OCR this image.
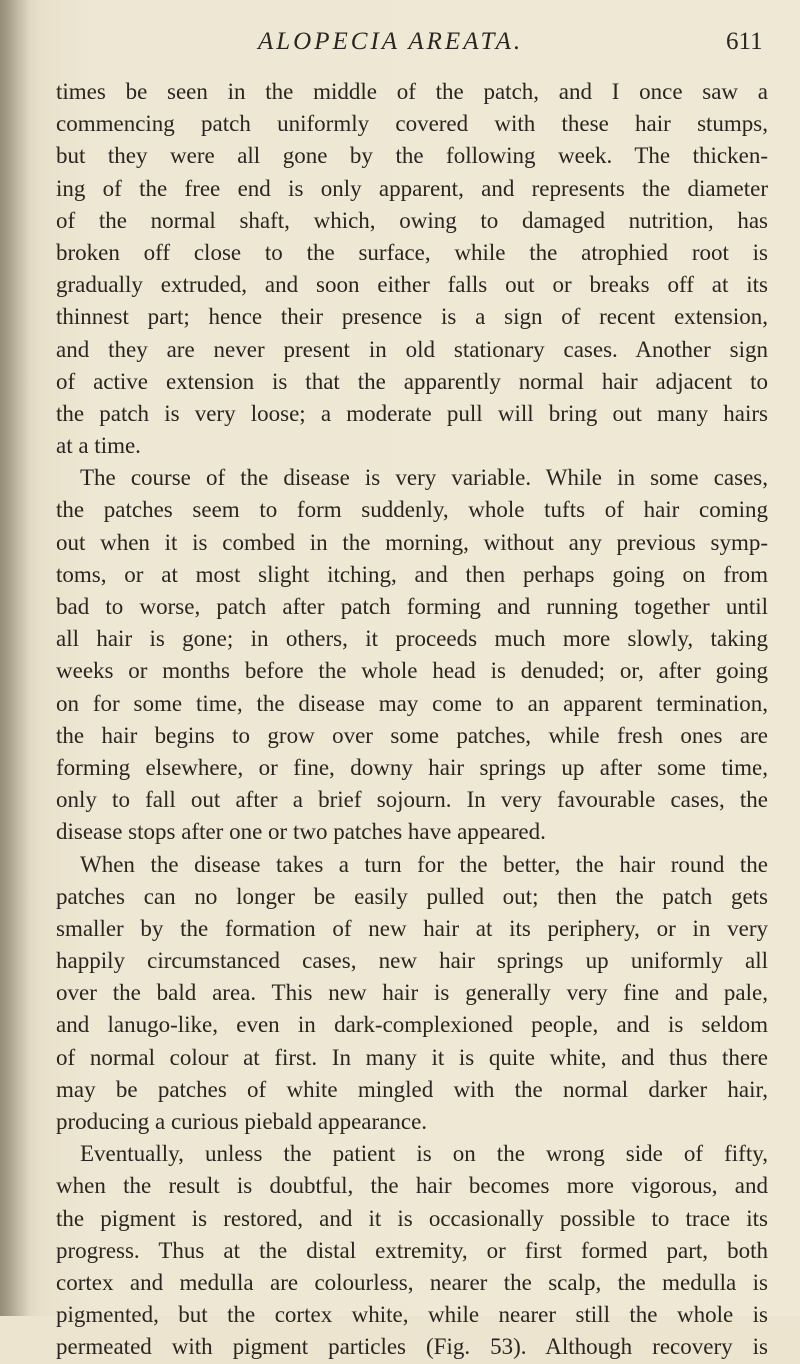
ALOPECIA AREATA.	611
times be seen in the middle of the patch, and I once saw a
commencing patch uniformly covered with these hair stumps,
but they were all gone by the following week. The thicken-
ing of the free end is only apparent, and represents the diameter
of the normal shaft, which, owing to damaged nutrition, has
broken off close to the surface, while the atrophied root is
gradually extruded, and soon either falls out or breaks off at its
thinnest part; hence their presence is a sign of recent extension,
and they are never present in old stationary cases. Another sign
of active extension is that the apparently normal hair adjacent to
the patch is very loose; a moderate pull will bring out many hairs
at a time.
The course of the disease is very variable. While in some cases,
the patches seem to form suddenly, whole tufts of hair coming
out when it is combed in the morning, without any previous symp-
toms, or at most slight itching, and then perhaps going on from
bad to worse, patch after patch forming and running together until
all hair is gone; in others, it proceeds much more slowly, taking
weeks or months before the whole head is denuded; or, after going
on for some time, the disease may come to an apparent termination,
the hair begins to grow over some patches, while fresh ones are
forming elsewhere, or fine, downy hair springs up after some time,
only to fall out after a brief sojourn. In very favourable cases, the
disease stops after one or two patches have appeared.
When the disease takes a turn for the better, the hair round the
patches can no longer be easily pulled out; then the patch gets
smaller by the formation of new hair at its periphery, or in very
happily circumstanced cases, new hair springs up uniformly all
over the bald area. This new hair is generally very fine and pale,
and lanugo-like, even in dark-complexioned people, and is seldom
of normal colour at first. In many it is quite white, and thus there
may be patches of white mingled with the normal darker hair,
producing a curious piebald appearance.
Eventually, unless the patient is on the wrong side of fifty,
when the result is doubtful, the hair becomes more vigorous, and
the pigment is restored, and it is occasionally possible to trace its
progress. Thus at the distal extremity, or first formed part, both
cortex and medulla are colourless, nearer the scalp, the medulla is
pigmented, but the cortex white, while nearer still the whole is
permeated with pigment particles (Fig. 53). Although recovery is
